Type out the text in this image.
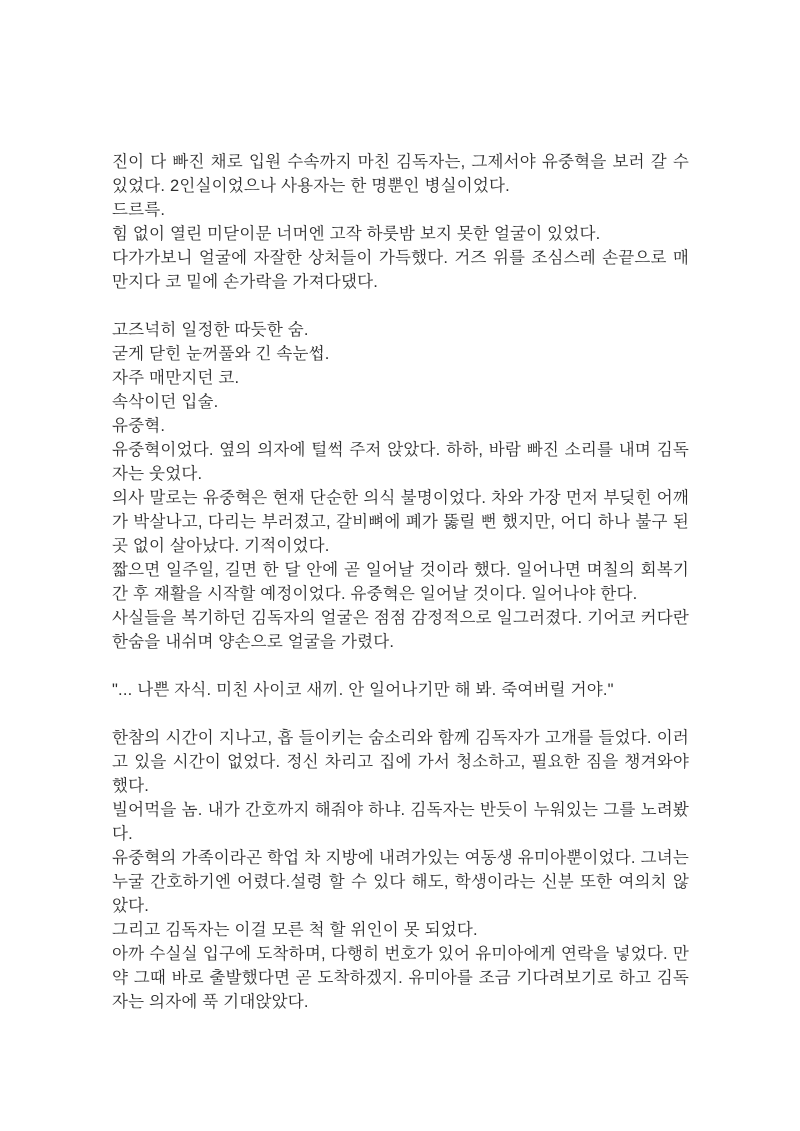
진이 다 빠진 채로 입원 수속까지 마친 김독자는, 그제서야 유중혁을 보러 갈 수 있었다. 2인실이었으나 사용자는 한 명뿐인 병실이었다.

드르륵.

힘 없이 열린 미닫이문 너머엔 고작 하룻밤 보지 못한 얼굴이 있었다.

다가가보니 얼굴에 자잘한 상처들이 가득했다. 거즈 위를 조심스레 손끝으로 매만지다 코 밑에 손가락을 가져다댔다.

고즈넉히 일정한 따듯한 숨.

굳게 닫힌 눈꺼풀와 긴 속눈썹.

자주 매만지던 코.

속삭이던 입술.

유중혁.

유중혁이었다. 옆의 의자에 털썩 주저 앉았다. 하하, 바람 빠진 소리를 내며 김독자는 웃었다.

의사 말로는 유중혁은 현재 단순한 의식 불명이었다. 차와 가장 먼저 부딪힌 어깨가 박살나고, 다리는 부러졌고, 갈비뼈에 폐가 뚫릴 뻔 했지만, 어디 하나 불구 된 곳 없이 살아났다. 기적이었다.

짧으면 일주일, 길면 한 달 안에 곧 일어날 것이라 했다. 일어나면 며칠의 회복기간 후 재활을 시작할 예정이었다. 유중혁은 일어날 것이다. 일어나야 한다.

사실들을 복기하던 김독자의 얼굴은 점점 감정적으로 일그러졌다. 기어코 커다란 한숨을 내쉬며 양손으로 얼굴을 가렸다.

"... 나쁜 자식. 미친 사이코 새끼. 안 일어나기만 해 봐. 죽여버릴 거야."

한참의 시간이 지나고, 흡 들이키는 숨소리와 함께 김독자가 고개를 들었다. 이러고 있을 시간이 없었다. 정신 차리고 집에 가서 청소하고, 필요한 짐을 챙겨와야 했다.

빌어먹을 놈. 내가 간호까지 해줘야 하냐. 김독자는 반듯이 누워있는 그를 노려봤다.

유중혁의 가족이라곤 학업 차 지방에 내려가있는 여동생 유미아뿐이었다. 그녀는 누굴 간호하기엔 어렸다.설령 할 수 있다 해도, 학생이라는 신분 또한 여의치 않았다.

그리고 김독자는 이걸 모른 척 할 위인이 못 되었다.

아까 수실실 입구에 도착하며, 다행히 번호가 있어 유미아에게 연락을 넣었다. 만약 그때 바로 출발했다면 곧 도착하겠지. 유미아를 조금 기다려보기로 하고 김독자는 의자에 푹 기대앉았다.
